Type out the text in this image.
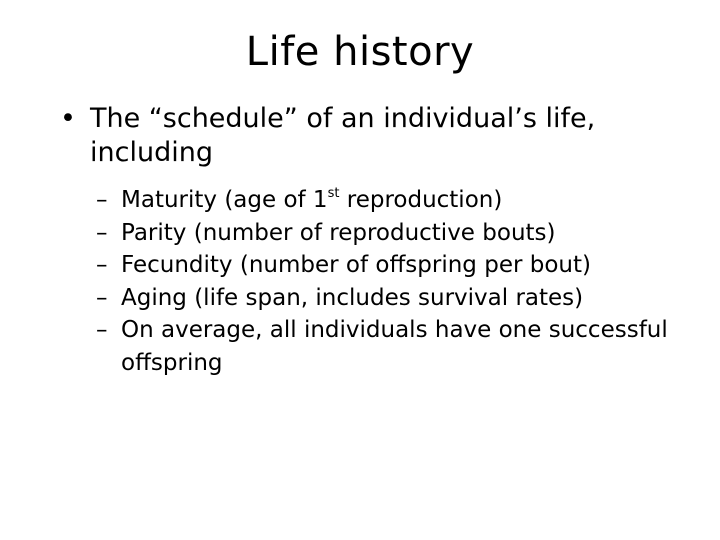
Life history
• The “schedule” of an individual’s life, including
– Maturity (age of 1st reproduction)
– Parity (number of reproductive bouts)
– Fecundity (number of offspring per bout)
– Aging (life span, includes survival rates)
– On average, all individuals have one successful offspring
